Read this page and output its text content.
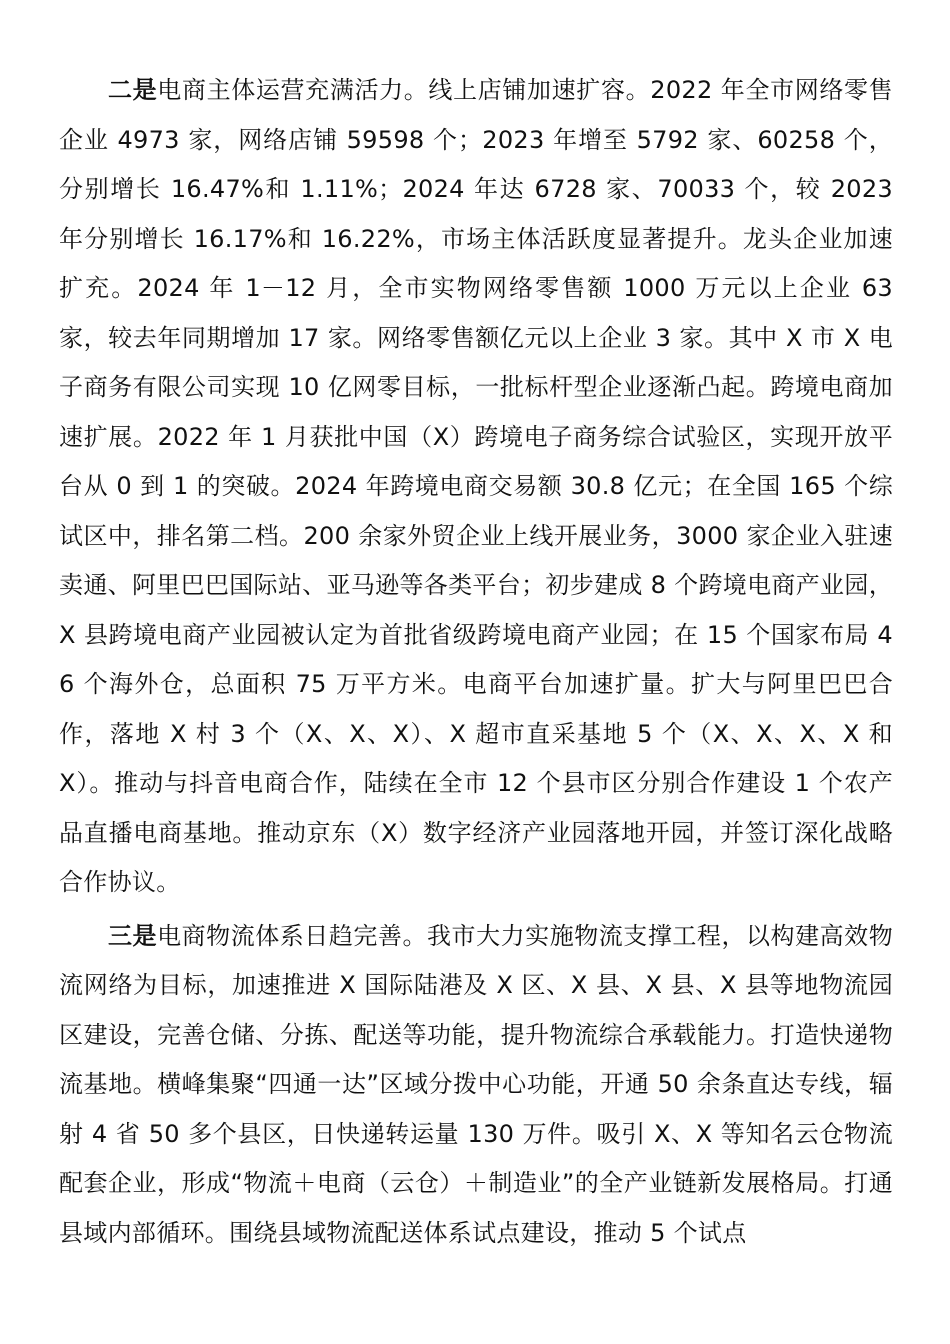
二是电商主体运营充满活力。线上店铺加速扩容。2022 年全市网络零售企业 4973 家，网络店铺 59598 个；2023 年增至 5792 家、60258 个，分别增长 16.47%和 1.11%；2024 年达 6728 家、70033 个，较 2023 年分别增长 16.17%和 16.22%，市场主体活跃度显著提升。龙头企业加速扩充。2024 年 1－12 月，全市实物网络零售额 1000 万元以上企业 63 家，较去年同期增加 17 家。网络零售额亿元以上企业 3 家。其中 X 市 X 电子商务有限公司实现 10 亿网零目标，一批标杆型企业逐渐凸起。跨境电商加速扩展。2022 年 1 月获批中国（X）跨境电子商务综合试验区，实现开放平台从 0 到 1 的突破。2024 年跨境电商交易额 30.8 亿元；在全国 165 个综试区中，排名第二档。200 余家外贸企业上线开展业务，3000 家企业入驻速卖通、阿里巴巴国际站、亚马逊等各类平台；初步建成 8 个跨境电商产业园，X 县跨境电商产业园被认定为首批省级跨境电商产业园；在 15 个国家布局 46 个海外仓，总面积 75 万平方米。电商平台加速扩量。扩大与阿里巴巴合作，落地 X 村 3 个（X、X、X）、X 超市直采基地 5 个（X、X、X、X 和 X）。推动与抖音电商合作，陆续在全市 12 个县市区分别合作建设 1 个农产品直播电商基地。推动京东（X）数字经济产业园落地开园，并签订深化战略合作协议。

三是电商物流体系日趋完善。我市大力实施物流支撑工程，以构建高效物流网络为目标，加速推进 X 国际陆港及 X 区、X 县、X 县、X 县等地物流园区建设，完善仓储、分拣、配送等功能，提升物流综合承载能力。打造快递物流基地。横峰集聚“四通一达”区域分拨中心功能，开通 50 余条直达专线，辐射 4 省 50 多个县区，日快递转运量 130 万件。吸引 X、X 等知名云仓物流配套企业，形成“物流＋电商（云仓）＋制造业”的全产业链新发展格局。打通县域内部循环。围绕县域物流配送体系试点建设，推动 5 个试点
